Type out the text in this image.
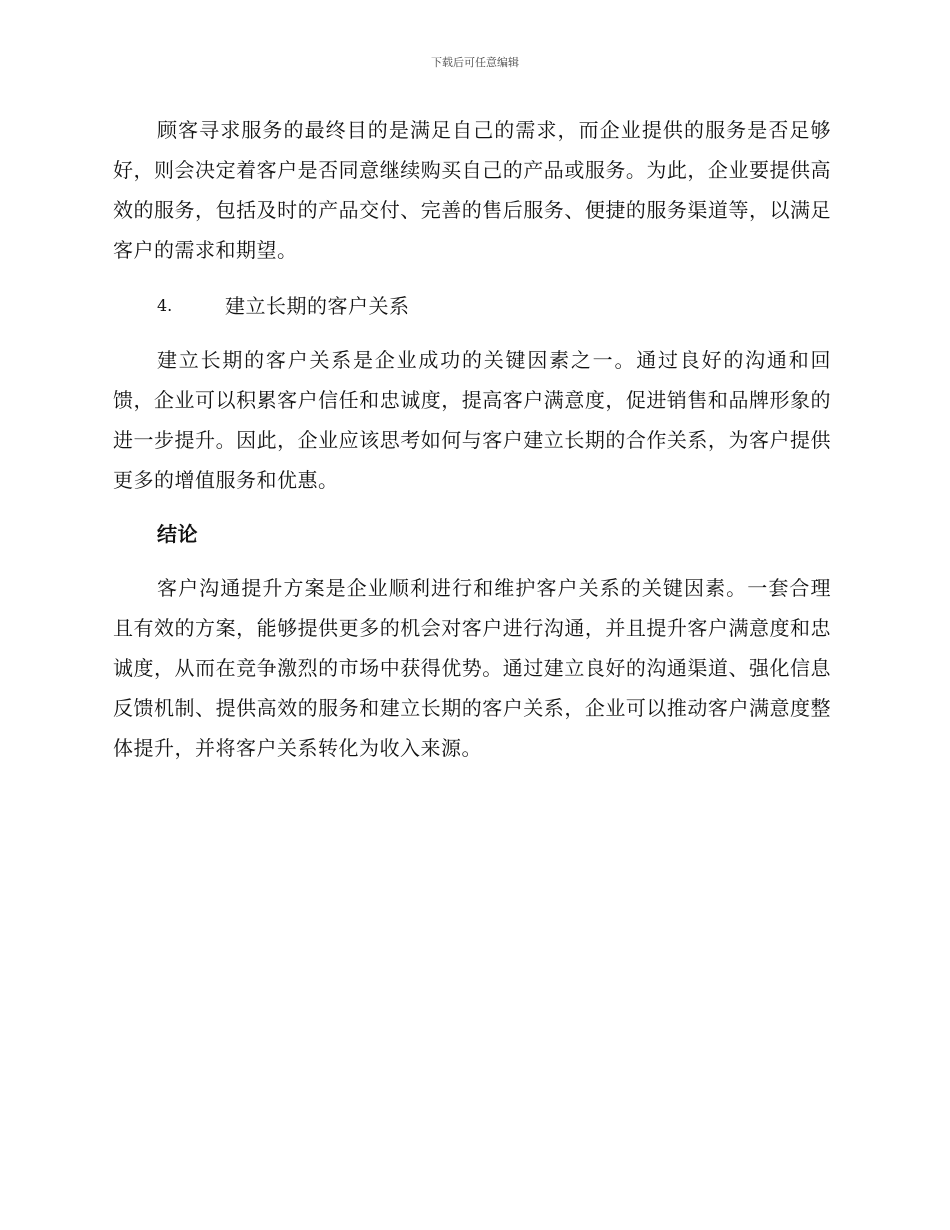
下载后可任意编辑

顾客寻求服务的最终目的是满足自己的需求，而企业提供的服务是否足够好，则会决定着客户是否同意继续购买自己的产品或服务。为此，企业要提供高效的服务，包括及时的产品交付、完善的售后服务、便捷的服务渠道等，以满足客户的需求和期望。

4.	建立长期的客户关系

建立长期的客户关系是企业成功的关键因素之一。通过良好的沟通和回馈，企业可以积累客户信任和忠诚度，提高客户满意度，促进销售和品牌形象的进一步提升。因此，企业应该思考如何与客户建立长期的合作关系，为客户提供更多的增值服务和优惠。

结论

客户沟通提升方案是企业顺利进行和维护客户关系的关键因素。一套合理且有效的方案，能够提供更多的机会对客户进行沟通，并且提升客户满意度和忠诚度，从而在竞争激烈的市场中获得优势。通过建立良好的沟通渠道、强化信息反馈机制、提供高效的服务和建立长期的客户关系，企业可以推动客户满意度整体提升，并将客户关系转化为收入来源。
